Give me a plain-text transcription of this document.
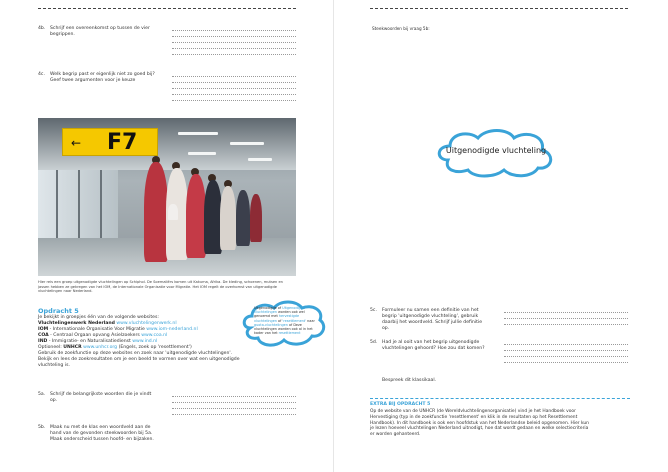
4b. Schrijf een overeenkomst op tussen de vier
begrippen.
4c. Welk begrip past er eigenlijk niet zo goed bij?
Geef twee argumenten voor je keuze
← F7
Hier reis een groep uitgenodigde vluchtelingen op Schiphol. De Soemaliërs komen uit Kakuma, Afrika. De kleding, schoenen, mutsen en
jassen hebben ze gekregen van het IOM, de Internationale Organisatie voor Migratie. Het IOM regelt de overkomst van uitgenodigde
vluchtelingen naar Nederland.
Opdracht 5
Je bekijkt in groepjes één van de volgende websites:
Vluchtelingenwerk Nederland www.vluchtelingenwerk.nl
IOM - Internationale Organisatie Voor Migratie www.iom-nederland.nl
COA - Centraal Orgaan opvang Asielzoekers www.coa.nl
IND - Immigratie- en Naturalisatiedienst www.ind.nl
Optioneel: UNHCR www.unhcr.org (Engels, zoek op 'resettlement')
Gebruik de zoekfunctie op deze websites en zoek naar 'uitgenodigde vluchtelingen'.
Bekijk en lees de zoekresultaten om je een beeld te vormen over wat een uitgenodigde
vluchteling is.
Uitgenodigde of Uitgenodigde vluchtelingen worden ook wel genoemd met hervestigde vluchtelingen of 'resettlement' naar quota-vluchtelingen of Deze vluchtelingen worden ook al in het kader van het resettlement
5a. Schrijf de belangrijkste woorden die je vindt
op.
5b. Maak nu met de klas een woordveld aan de
hand van de gevonden steekwoorden bij 5a.
Maak onderscheid tussen hoofd- en bijzaken.
Steekwoorden bij vraag 5b:
Uitgenodigde vluchteling
5c. Formuleer nu samen een definitie van het
begrip 'uitgenodigde vluchteling', gebruik
daarbij het woordveld. Schrijf jullie definitie
op.
5d. Had je al ooit van het begrip uitgenodigde
vluchtelingen gehoord? Hoe zou dat komen?
Bespreek dit klassikaal.
EXTRA BIJ OPDRACHT 5
Op de website van de UNHCR (de Wereldvluchtelingenorganisatie) vind je het Handboek voor
Hervestiging (typ in de zoekfunctie 'resettlement' en klik in de resultaten op het Resettlement
Handbook). In dit handboek is ook een hoofdstuk van het Nederlandse beleid opgenomen. Hier kun
je lezen hoeveel vluchtelingen Nederland uitnodigt, hoe dat wordt gedaan en welke selectiecriteria
er worden gehanteerd.
